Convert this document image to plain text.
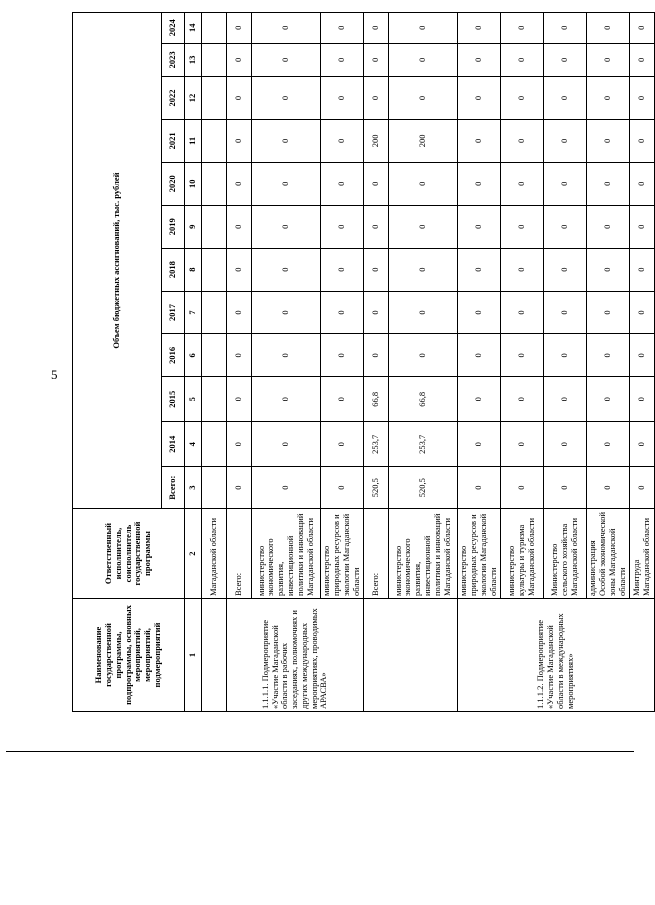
5
Наименование государственной программы, подпрограммы, основных мероприятий, мероприятий, подмероприятий	Ответственный исполнитель, соисполнитель государственной программы	Объем бюджетных ассигнований, тыс. рублей											
		Всего:	2014	2015	2016	2017	2018	2019	2020	2021	2022	2023	2024
1	2	3	4	5	6	7	8	9	10	11	12	13	14
	Магаданской области												
1.1.1.1. Подмероприятие «Участие Магаданской области в рабочих заседаниях, полномочиях и других международных мероприятиях, проводимых АРАСВА»	Всего:	0	0	0	0	0	0	0	0	0	0	0	0
	министерство экономического развития, инвестиционной политики и инноваций Магаданской области	0	0	0	0	0	0	0	0	0	0	0	0
	министерство природных ресурсов и экологии Магаданской области	0	0	0	0	0	0	0	0	0	0	0	0
	Всего:	520,5	253,7	66,8	0	0	0	0	0	200	0	0	0
	министерство экономического развития, инвестиционной политики и инноваций Магаданской области	520,5	253,7	66,8	0	0	0	0	0	200	0	0	0
1.1.1.2. Подмероприятие «Участие Магаданской области в международных мероприятиях»	министерство природных ресурсов и экологии Магаданской области	0	0	0	0	0	0	0	0	0	0	0	0
	министерство культуры и туризма Магаданской области	0	0	0	0	0	0	0	0	0	0	0	0
	Министерство сельского хозяйства Магаданской области	0	0	0	0	0	0	0	0	0	0	0	0
	администрация Особой экономической зоны Магаданской области	0	0	0	0	0	0	0	0	0	0	0	0
	Минтруда Магаданской области	0	0	0	0	0	0	0	0	0	0	0	0
